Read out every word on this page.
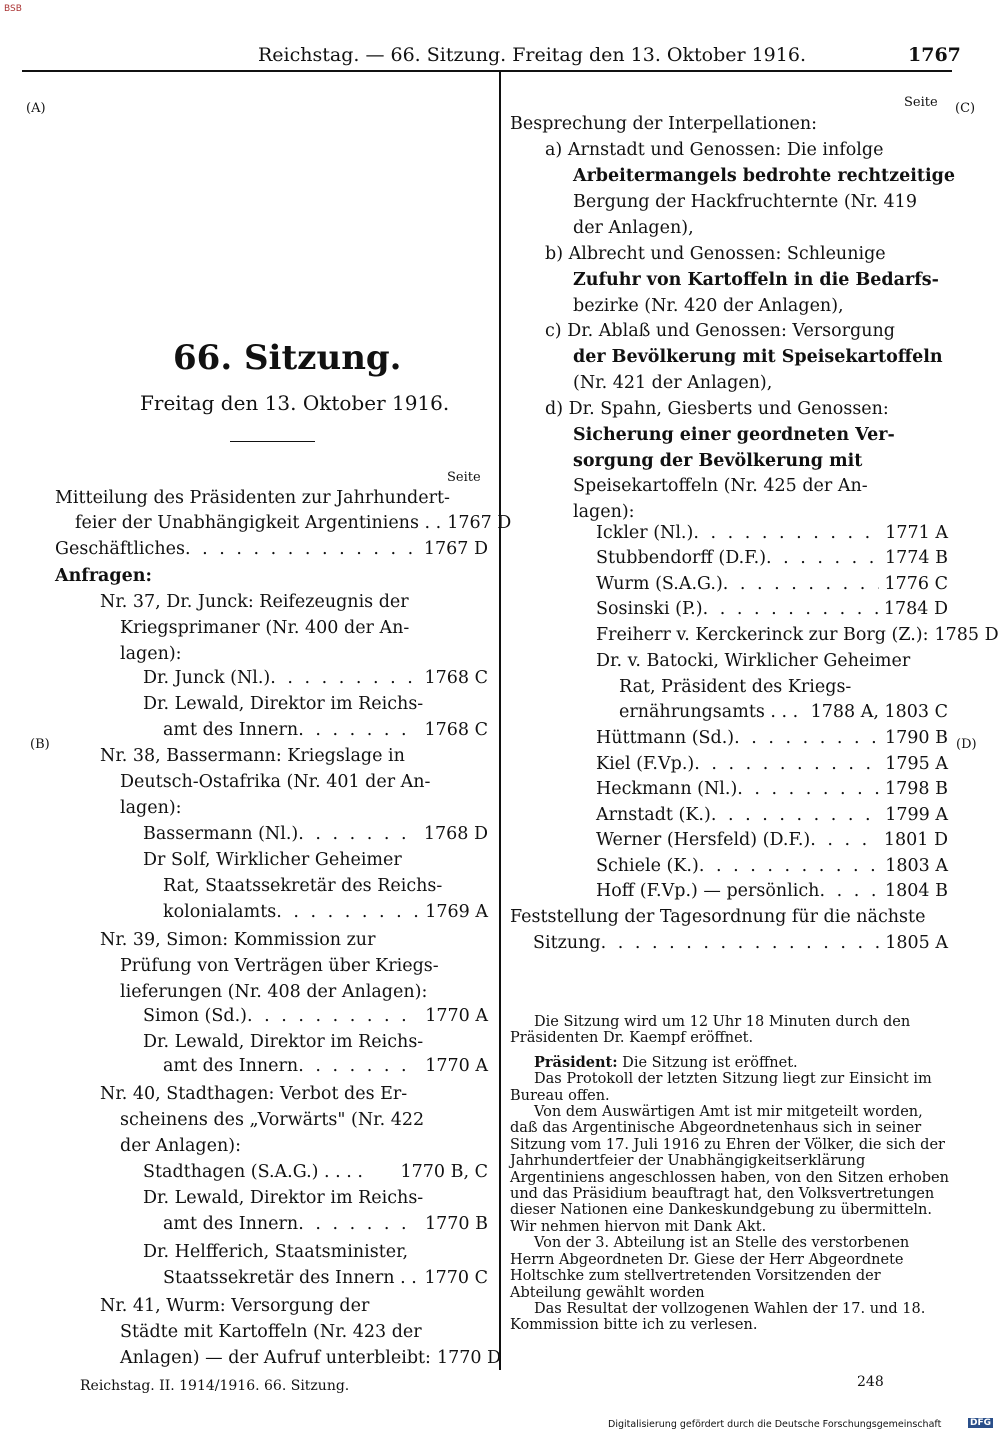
BSB
Reichstag. — 66. Sitzung. Freitag den 13. Oktober 1916.	1767
(A)
(B)
(C)
(D)
66. Sitzung.
Freitag den 13. Oktober 1916.
Seite
Mitteilung des Präsidenten zur Jahrhundert-
feier der Unabhängigkeit Argentiniens . . 1767 D
Geschäftliches . . .	1767 D
Anfragen:
Nr. 37, Dr. Junck: Reifezeugnis der
Kriegsprimaner (Nr. 400 der An-
lagen):
Dr. Junck (Nl.) . . .	1768 C
Dr. Lewald, Direktor im Reichs-
amt des Innern . . .	1768 C
Nr. 38, Bassermann: Kriegslage in
Deutsch-Ostafrika (Nr. 401 der An-
lagen):
Bassermann (Nl.) . . .	1768 D
Dr Solf, Wirklicher Geheimer
Rat, Staatssekretär des Reichs-
kolonialamts . . .	1769 A
Nr. 39, Simon: Kommission zur
Prüfung von Verträgen über Kriegs-
lieferungen (Nr. 408 der Anlagen):
Simon (Sd.) . . .	1770 A
Dr. Lewald, Direktor im Reichs-
amt des Innern . . .	1770 A
Nr. 40, Stadthagen: Verbot des Er-
scheinens des „Vorwärts" (Nr. 422
der Anlagen):
Stadthagen (S.A.G.) . . . .	1770 B, C
Dr. Lewald, Direktor im Reichs-
amt des Innern . . .	1770 B
Dr. Helfferich, Staatsminister,
Staatssekretär des Innern . . 1770 C
Nr. 41, Wurm: Versorgung der
Städte mit Kartoffeln (Nr. 423 der
Anlagen) — der Aufruf unterbleibt: 1770 D
Seite
Besprechung der Interpellationen:
a) Arnstadt und Genossen: Die infolge
Arbeitermangels bedrohte rechtzeitige
Bergung der Hackfruchternte (Nr. 419
der Anlagen),
b) Albrecht und Genossen: Schleunige
Zufuhr von Kartoffeln in die Bedarfs-
bezirke (Nr. 420 der Anlagen),
c) Dr. Ablaß und Genossen: Versorgung
der Bevölkerung mit Speisekartoffeln
(Nr. 421 der Anlagen),
d) Dr. Spahn, Giesberts und Genossen:
Sicherung einer geordneten Ver-
sorgung der Bevölkerung mit
Speisekartoffeln (Nr. 425 der An-
lagen):
Ickler (Nl.) . . .	1771 A
Stubbendorff (D.F.) . . .	1774 B
Wurm (S.A.G.) . . .	1776 C
Sosinski (P.) . . .	1784 D
Freiherr v. Kerckerinck zur Borg (Z.): 1785 D
Dr. v. Batocki, Wirklicher Geheimer
Rat, Präsident des Kriegs-
ernährungsamts . . . 1788 A, 1803 C
Hüttmann (Sd.) . . .	1790 B
Kiel (F.Vp.) . . .	1795 A
Heckmann (Nl.) . . .	1798 B
Arnstadt (K.) . . .	1799 A
Werner (Hersfeld) (D.F.) . . .	1801 D
Schiele (K.) . . .	1803 A
Hoff (F.Vp.) — persönlich . . .	1804 B
Feststellung der Tagesordnung für die nächste
Sitzung . . .	1805 A

Die Sitzung wird um 12 Uhr 18 Minuten durch den Präsidenten Dr. Kaempf eröffnet.

Präsident: Die Sitzung ist eröffnet.

Das Protokoll der letzten Sitzung liegt zur Einsicht im Bureau offen.

Von dem Auswärtigen Amt ist mir mitgeteilt worden, daß das Argentinische Abgeordnetenhaus sich in seiner Sitzung vom 17. Juli 1916 zu Ehren der Völker, die sich der Jahrhundertfeier der Unabhängigkeitserklärung Argentiniens angeschlossen haben, von den Sitzen erhoben und das Präsidium beauftragt hat, den Volksvertretungen dieser Nationen eine Dankeskundgebung zu übermitteln. Wir nehmen hiervon mit Dank Akt.

Von der 3. Abteilung ist an Stelle des verstorbenen Herrn Abgeordneten Dr. Giese der Herr Abgeordnete Holtschke zum stellvertretenden Vorsitzenden der Abteilung gewählt worden

Das Resultat der vollzogenen Wahlen der 17. und 18. Kommission bitte ich zu verlesen.

Reichstag. II. 1914/1916. 66. Sitzung.	248
Digitalisierung gefördert durch die Deutsche Forschungsgemeinschaft	DFG
